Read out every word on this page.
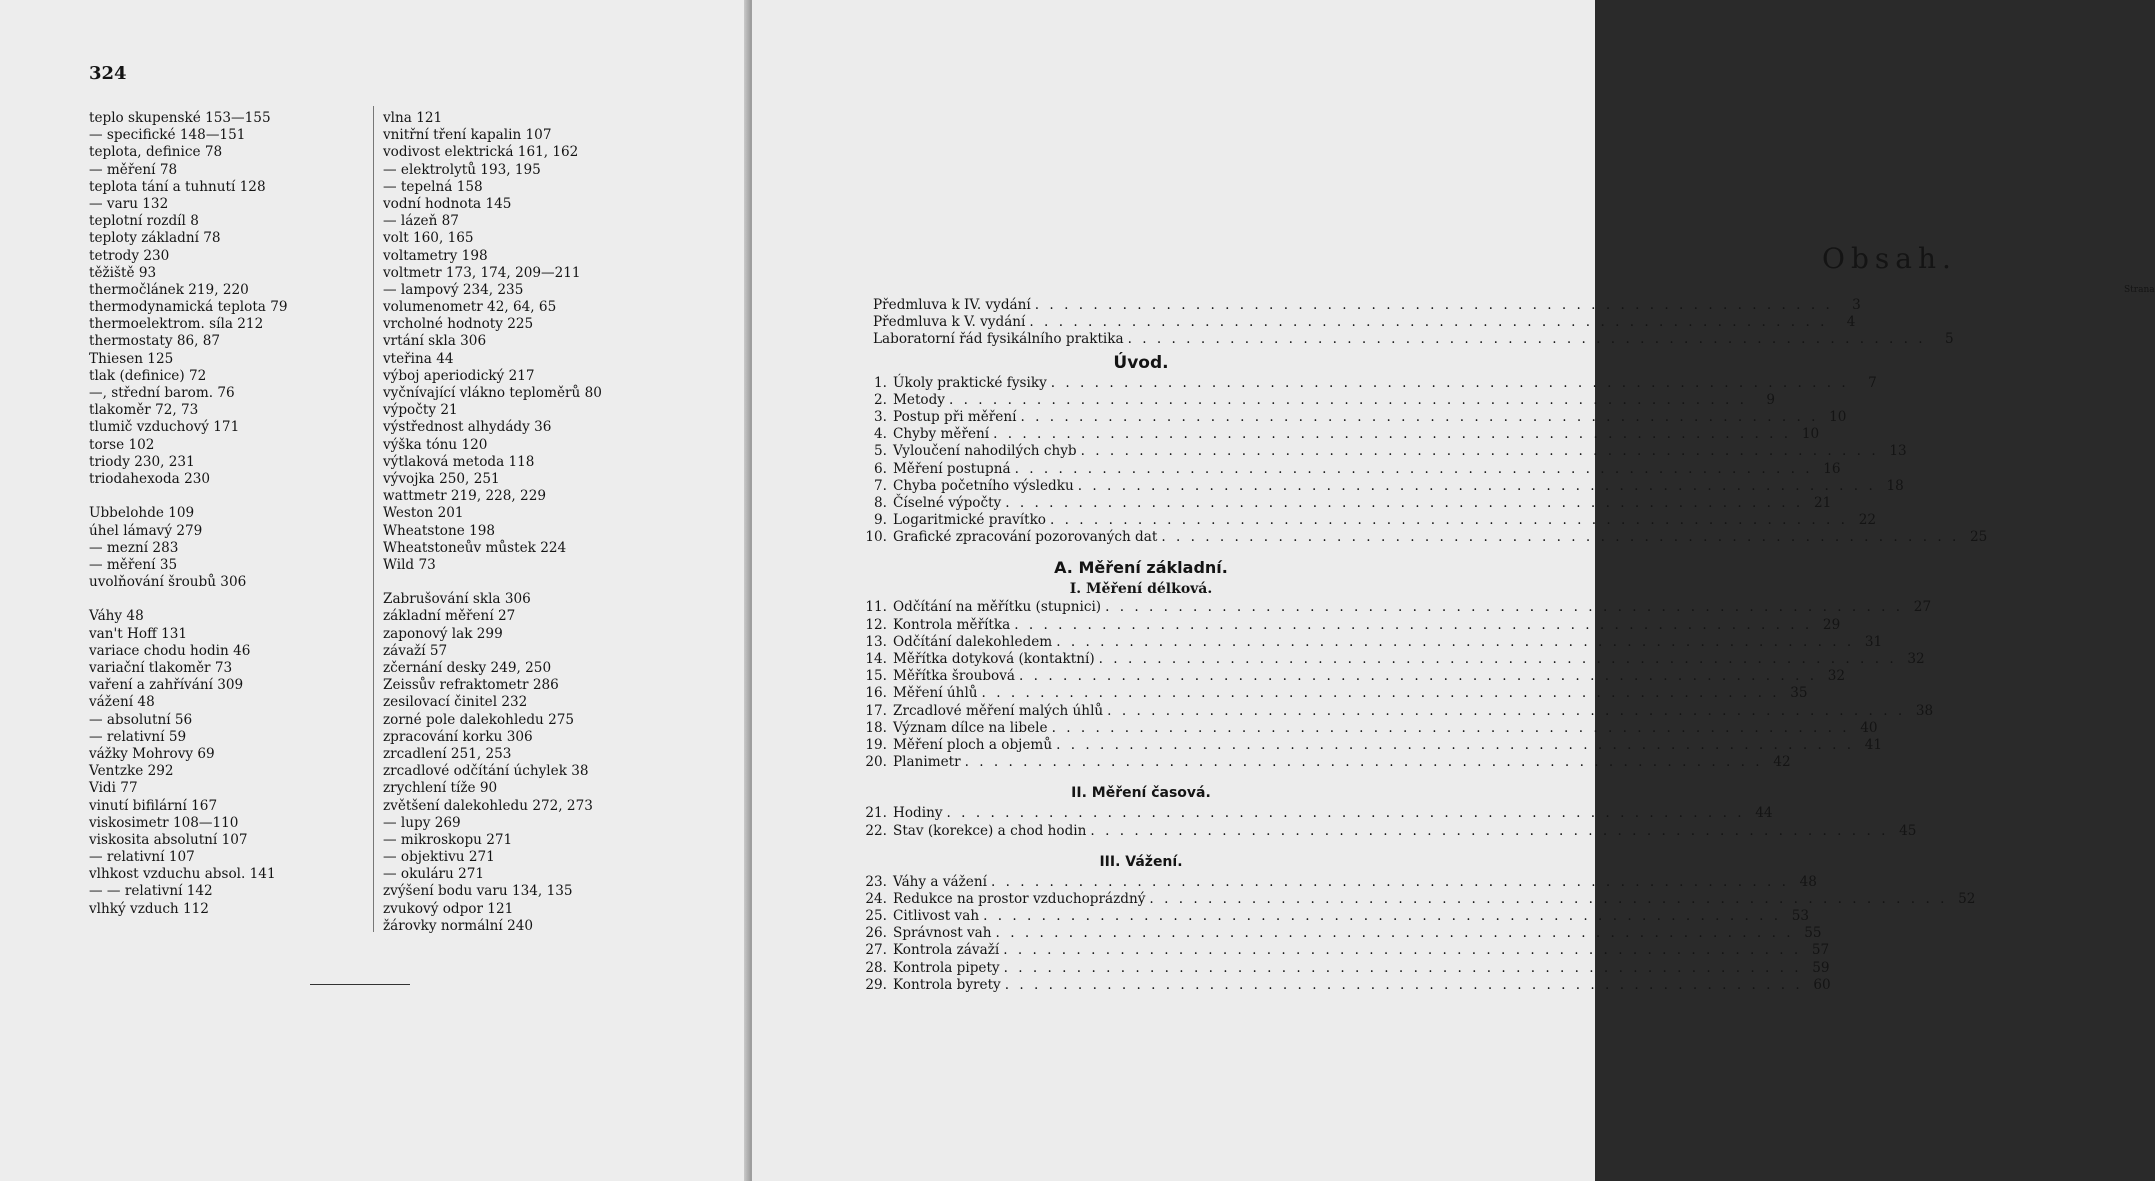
324
teplo skupenské 153—155
— specifické 148—151
teplota, definice 78
— měření 78
teplota tání a tuhnutí 128
— varu 132
teplotní rozdíl 8
teploty základní 78
tetrody 230
těžiště 93
thermočlánek 219, 220
thermodynamická teplota 79
thermoelektrom. síla 212
thermostaty 86, 87
Thiesen 125
tlak (definice) 72
—, střední barom. 76
tlakoměr 72, 73
tlumič vzduchový 171
torse 102
triody 230, 231
triodahexoda 230
Ubbelohde 109
úhel lámavý 279
— mezní 283
— měření 35
uvolňování šroubů 306
Váhy 48
van't Hoff 131
variace chodu hodin 46
variační tlakoměr 73
vaření a zahřívání 309
vážení 48
— absolutní 56
— relativní 59
vážky Mohrovy 69
Ventzke 292
Vidi 77
vinutí bifilární 167
viskosimetr 108—110
viskosita absolutní 107
— relativní 107
vlhkost vzduchu absol. 141
— — relativní 142
vlhký vzduch 112
vlna 121
vnitřní tření kapalin 107
vodivost elektrická 161, 162
— elektrolytů 193, 195
— tepelná 158
vodní hodnota 145
— lázeň 87
volt 160, 165
voltametry 198
voltmetr 173, 174, 209—211
— lampový 234, 235
volumenometr 42, 64, 65
vrcholné hodnoty 225
vrtání skla 306
vteřina 44
výboj aperiodický 217
vyčnívající vlákno teploměrů 80
výpočty 21
výstřednost alhydády 36
výška tónu 120
výtlaková metoda 118
vývojka 250, 251
wattmetr 219, 228, 229
Weston 201
Wheatstone 198
Wheatstoneův můstek 224
Wild 73
Zabrušování skla 306
základní měření 27
zaponový lak 299
závaží 57
zčernání desky 249, 250
Zeissův refraktometr 286
zesilovací činitel 232
zorné pole dalekohledu 275
zpracování korku 306
zrcadlení 251, 253
zrcadlové odčítání úchylek 38
zrychlení tíže 90
zvětšení dalekohledu 272, 273
— lupy 269
— mikroskopu 271
— objektivu 271
— okuláru 271
zvýšení bodu varu 134, 135
zvukový odpor 121
žárovky normální 240
Obsah.
Strana
Předmluva k IV. vydání . . .	3
Předmluva k V. vydání . . .	4
Laboratorní řád fysikálního praktika . . .	5
Úvod.
1. Úkoly praktické fysiky . . .	7
2. Metody . . .	9
3. Postup při měření . . .	10
4. Chyby měření . . .	10
5. Vyloučení nahodilých chyb . . .	13
6. Měření postupná . . .	16
7. Chyba početního výsledku . . .	18
8. Číselné výpočty . . .	21
9. Logaritmické pravítko . . .	22
10. Grafické zpracování pozorovaných dat . . .	25
A. Měření základní.
I. Měření délková.
11. Odčítání na měřítku (stupnici) . . .	27
12. Kontrola měřítka . . .	29
13. Odčítání dalekohledem . . .	31
14. Měřítka dotyková (kontaktní) . . .	32
15. Měřítka šroubová . . .	32
16. Měření úhlů . . .	35
17. Zrcadlové měření malých úhlů . . .	38
18. Význam dílce na libele . . .	40
19. Měření ploch a objemů . . .	41
20. Planimetr . . .	42
II. Měření časová.
21. Hodiny . . .	44
22. Stav (korekce) a chod hodin . . .	45
III. Vážení.
23. Váhy a vážení . . .	48
24. Redukce na prostor vzduchoprázdný . . .	52
25. Citlivost vah . . .	53
26. Správnost vah . . .	55
27. Kontrola závaží . . .	57
28. Kontrola pipety . . .	59
29. Kontrola byrety . . .	60
